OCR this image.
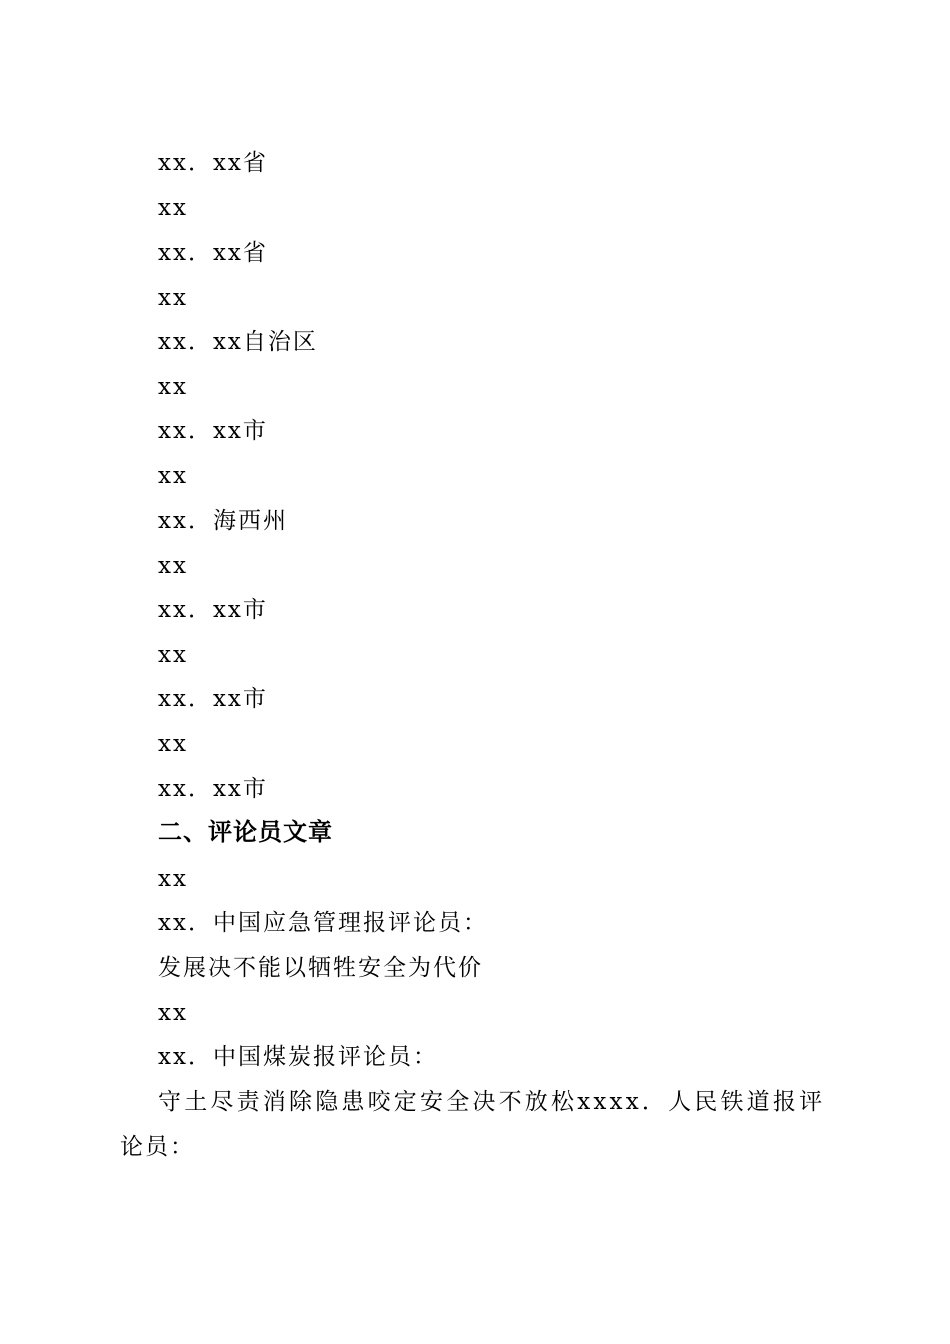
xx．xx省
xx
xx．xx省
xx
xx．xx自治区
xx
xx．xx市
xx
xx．海西州
xx
xx．xx市
xx
xx．xx市
xx
xx．xx市
二、评论员文章
xx
xx．中国应急管理报评论员：
发展决不能以牺牲安全为代价
xx
xx．中国煤炭报评论员：
守土尽责消除隐患咬定安全决不放松xxxx．人民铁道报评
论员：
